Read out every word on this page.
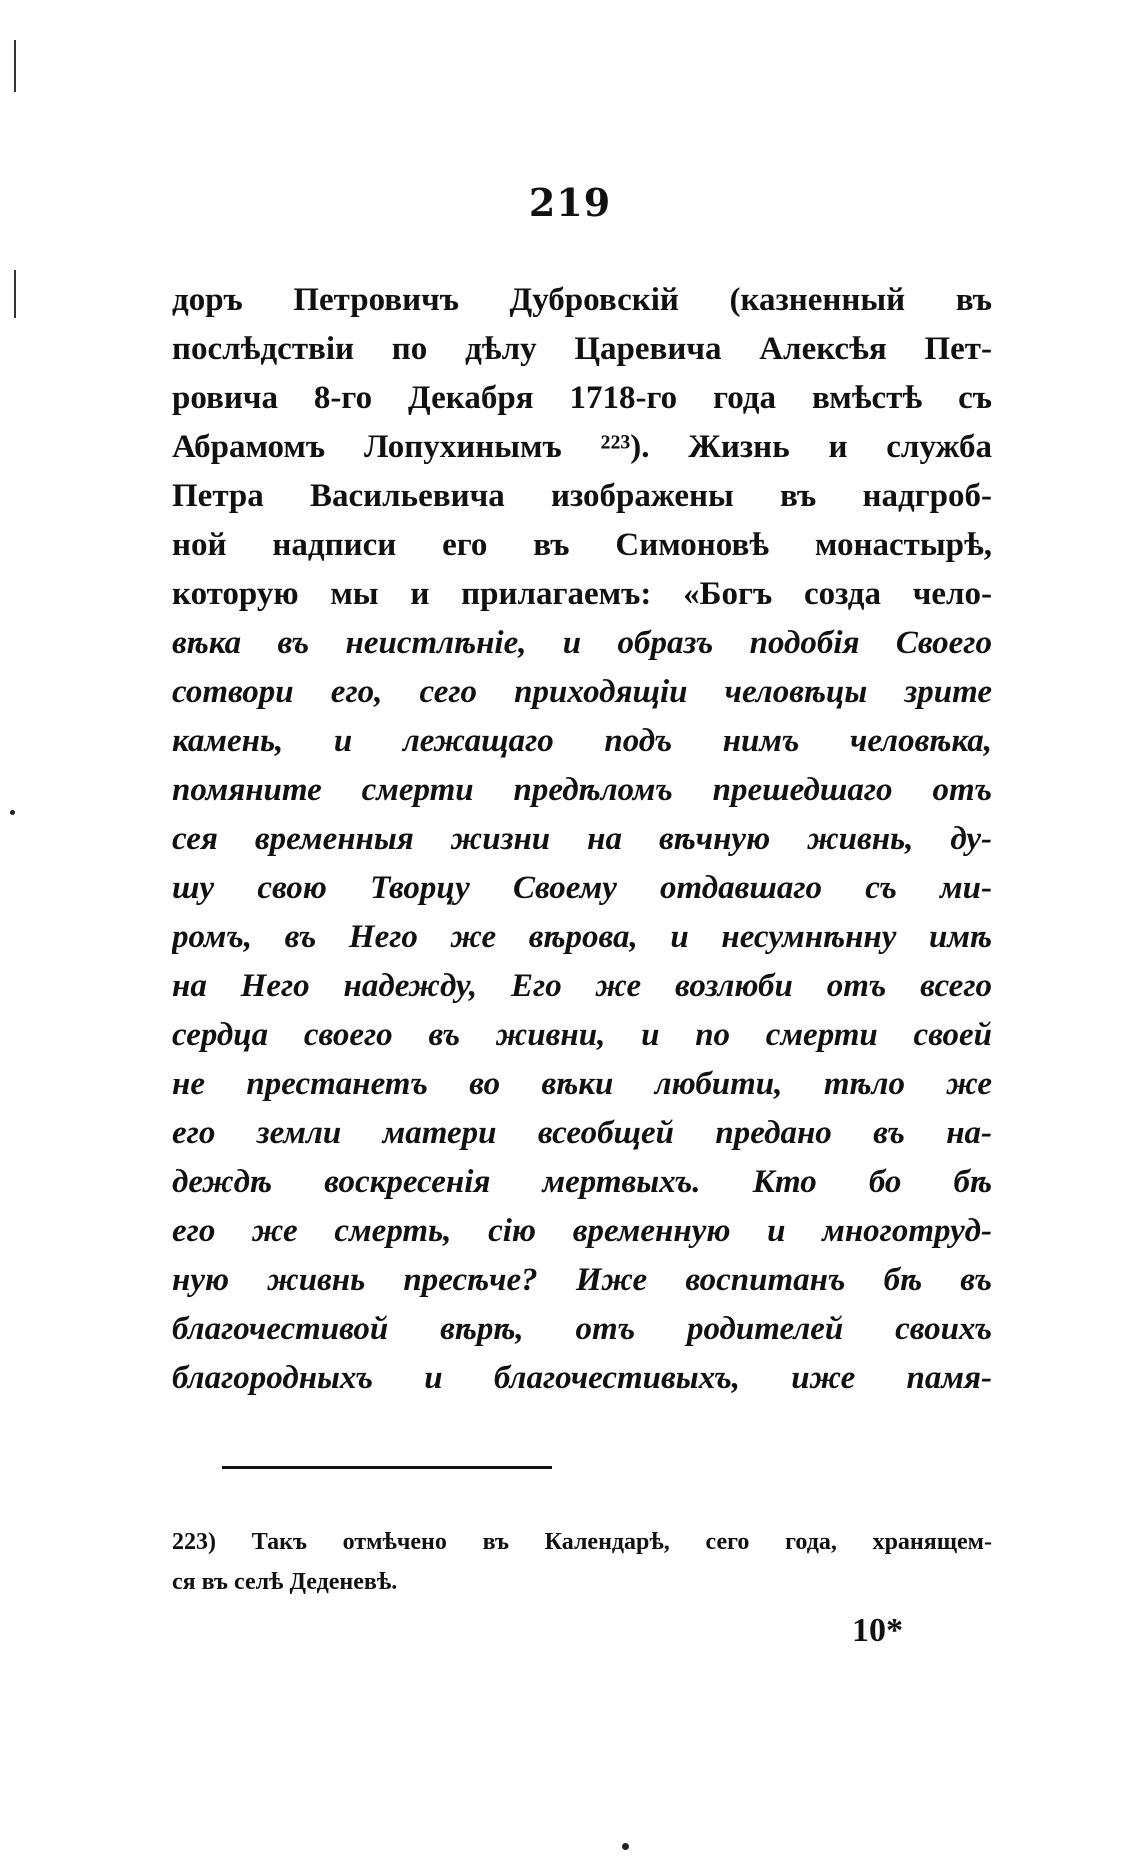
219
доръ Петровичъ Дубровскій (казненный въ
послѣдствіи по дѣлу Царевича Алексѣя Пет-
ровича 8-го Декабря 1718-го года вмѣстѣ съ
Абрамомъ Лопухинымъ ²²³). Жизнь и служба
Петра Васильевича изображены въ надгроб-
ной надписи его въ Симоновѣ монастырѣ,
которую мы и прилагаемъ: «Богъ создa чело-
вѣка въ неистлѣніе, и образъ подобія Своего
сотвори его, сего приходящіи человѣцы зрите
камень, и лежащаго подъ нимъ человѣка,
помяните смерти предѣломъ прешедшаго отъ
сея временныя жизни на вѣчную живнь, ду-
шу свою Творцу Своему отдавшаго съ ми-
ромъ, въ Него же вѣрова, и несумнѣнну имѣ
на Него надежду, Его же возлюби отъ всего
сердца своего въ живни, и по смерти своей
не престанетъ во вѣки любити, тѣло же
его земли матери всеобщей предано въ на-
деждѣ воскресенія мертвыхъ. Кто бо бѣ
его же смерть, сію временную и многотруд-
ную живнь пресѣче? Иже воспитанъ бѣ въ
благочестивой вѣрѣ, отъ родителей своихъ
благородныхъ и благочестивыхъ, иже памя-
223) Такъ отмѣчено въ Календарѣ, сего года, хранящем-
ся въ селѣ Деденевѣ.
10*
